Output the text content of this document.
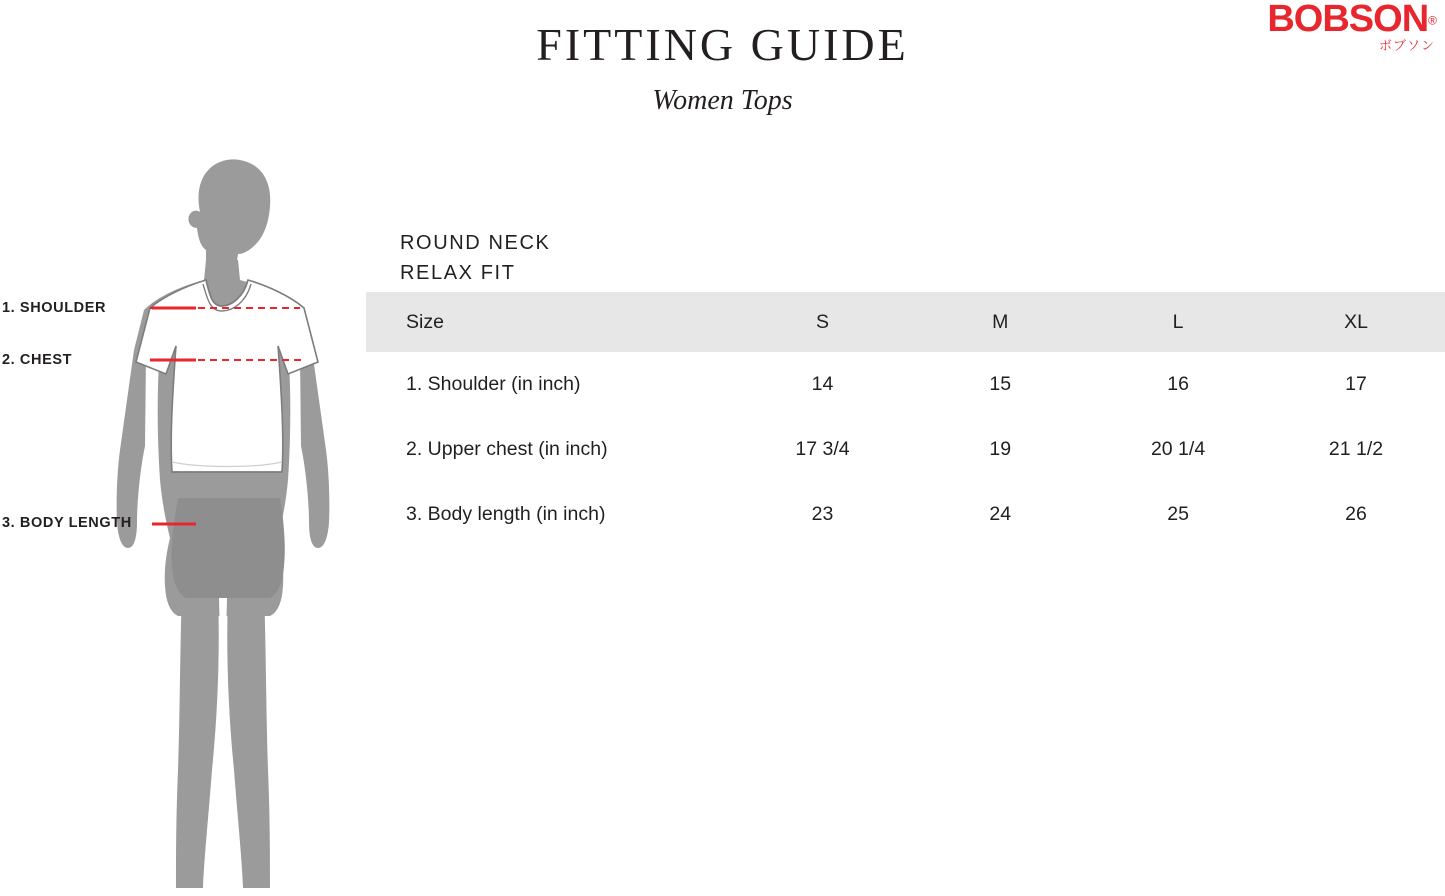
BOBSON®
ボブソン
FITTING GUIDE
Women Tops
1. SHOULDER
2. CHEST
3. BODY LENGTH
ROUND NECK
RELAX FIT
Size	S	M	L	XL
1. Shoulder (in inch)	14	15	16	17
2. Upper chest (in inch)	17 3/4	19	20 1/4	21 1/2
3. Body length (in inch)	23	24	25	26
